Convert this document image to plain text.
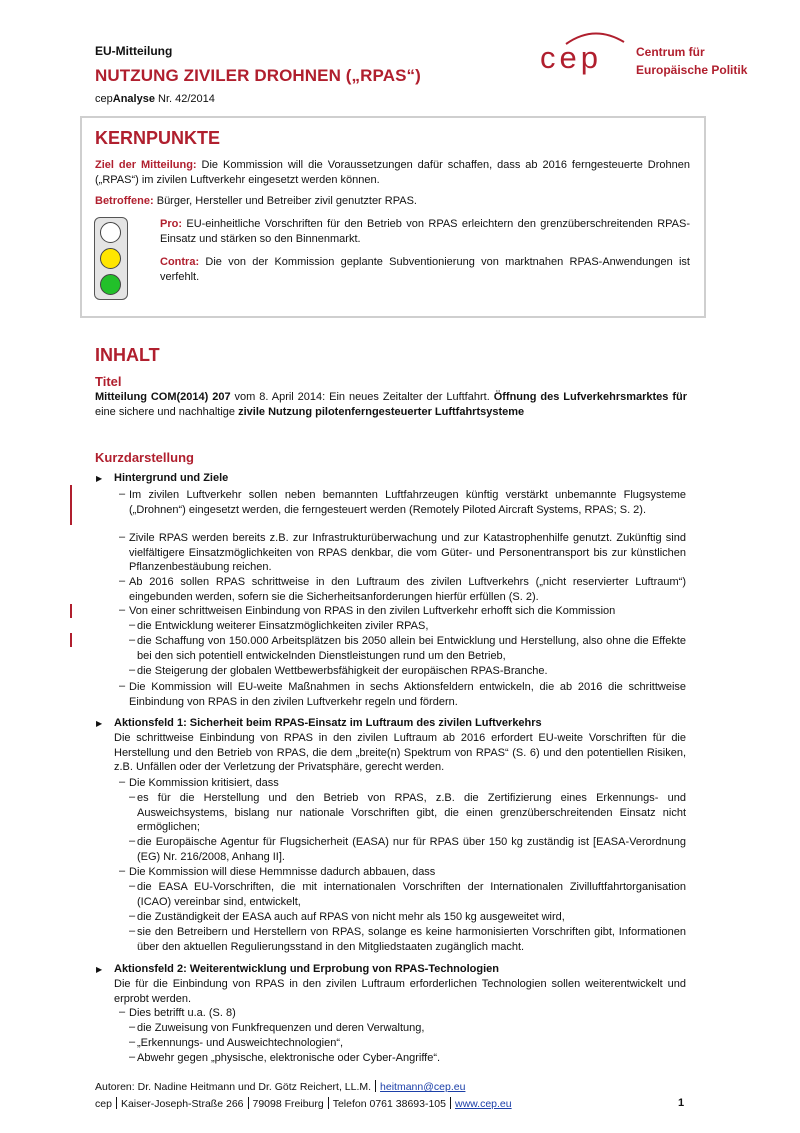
EU-Mitteilung
NUTZUNG ZIVILER DROHNEN („RPAS“)
cepAnalyse Nr. 42/2014
cep	Centrum für
Europäische Politik
KERNPUNKTE
Ziel der Mitteilung: Die Kommission will die Voraussetzungen dafür schaffen, dass ab 2016 ferngesteuerte Drohnen („RPAS“) im zivilen Luftverkehr eingesetzt werden können.
Betroffene: Bürger, Hersteller und Betreiber zivil genutzter RPAS.
Pro: EU-einheitliche Vorschriften für den Betrieb von RPAS erleichtern den grenzüberschreitenden RPAS-Einsatz und stärken so den Binnenmarkt.
Contra: Die von der Kommission geplante Subventionierung von marktnahen RPAS-Anwendungen ist verfehlt.
INHALT
Titel
Mitteilung COM(2014) 207 vom 8. April 2014: Ein neues Zeitalter der Luftfahrt. Öffnung des Lufverkehrsmarktes für eine sichere und nachhaltige zivile Nutzung pilotenferngesteuerter Luftfahrtsysteme
Kurzdarstellung
▶ Hintergrund und Ziele
– Im zivilen Luftverkehr sollen neben bemannten Luftfahrzeugen künftig verstärkt unbemannte Flugsysteme („Drohnen“) eingesetzt werden, die ferngesteuert werden (Remotely Piloted Aircraft Systems, RPAS; S. 2).
– Zivile RPAS werden bereits z.B. zur Infrastrukturüberwachung und zur Katastrophenhilfe genutzt. Zukünftig sind vielfältigere Einsatzmöglichkeiten von RPAS denkbar, die vom Güter- und Personentransport bis zur künstlichen Pflanzenbestäubung reichen.
– Ab 2016 sollen RPAS schrittweise in den Luftraum des zivilen Luftverkehrs („nicht reservierter Luftraum“) eingebunden werden, sofern sie die Sicherheitsanforderungen hierfür erfüllen (S. 2).
– Von einer schrittweisen Einbindung von RPAS in den zivilen Luftverkehr erhofft sich die Kommission
– die Entwicklung weiterer Einsatzmöglichkeiten ziviler RPAS,
– die Schaffung von 150.000 Arbeitsplätzen bis 2050 allein bei Entwicklung und Herstellung, also ohne die Effekte bei den sich potentiell entwickelnden Dienstleistungen rund um den Betrieb,
– die Steigerung der globalen Wettbewerbsfähigkeit der europäischen RPAS-Branche.
– Die Kommission will EU-weite Maßnahmen in sechs Aktionsfeldern entwickeln, die ab 2016 die schrittweise Einbindung von RPAS in den zivilen Luftverkehr regeln und fördern.
▶ Aktionsfeld 1: Sicherheit beim RPAS-Einsatz im Luftraum des zivilen Luftverkehrs
Die schrittweise Einbindung von RPAS in den zivilen Luftraum ab 2016 erfordert EU-weite Vorschriften für die Herstellung und den Betrieb von RPAS, die dem „breite(n) Spektrum von RPAS“ (S. 6) und den potentiellen Risiken, z.B. Unfällen oder der Verletzung der Privatsphäre, gerecht werden.
– Die Kommission kritisiert, dass
– es für die Herstellung und den Betrieb von RPAS, z.B. die Zertifizierung eines Erkennungs- und Ausweichsystems, bislang nur nationale Vorschriften gibt, die einen grenzüberschreitenden Einsatz nicht ermöglichen;
– die Europäische Agentur für Flugsicherheit (EASA) nur für RPAS über 150 kg zuständig ist [EASA-Verordnung (EG) Nr. 216/2008, Anhang II].
– Die Kommission will diese Hemmnisse dadurch abbauen, dass
– die EASA EU-Vorschriften, die mit internationalen Vorschriften der Internationalen Zivilluftfahrtorganisation (ICAO) vereinbar sind, entwickelt,
– die Zuständigkeit der EASA auch auf RPAS von nicht mehr als 150 kg ausgeweitet wird,
– sie den Betreibern und Herstellern von RPAS, solange es keine harmonisierten Vorschriften gibt, Informationen über den aktuellen Regulierungsstand in den Mitgliedstaaten zugänglich macht.
▶ Aktionsfeld 2: Weiterentwicklung und Erprobung von RPAS-Technologien
Die für die Einbindung von RPAS in den zivilen Luftraum erforderlichen Technologien sollen weiterentwickelt und erprobt werden.
– Dies betrifft u.a. (S. 8)
– die Zuweisung von Funkfrequenzen und deren Verwaltung,
– „Erkennungs- und Ausweichtechnologien“,
– Abwehr gegen „physische, elektronische oder Cyber-Angriffe“.
Autoren: Dr. Nadine Heitmann und Dr. Götz Reichert, LL.M. heitmann@cep.eu
cep Kaiser-Joseph-Straße 266 79098 Freiburg Telefon 0761 38693-105 www.cep.eu	1
